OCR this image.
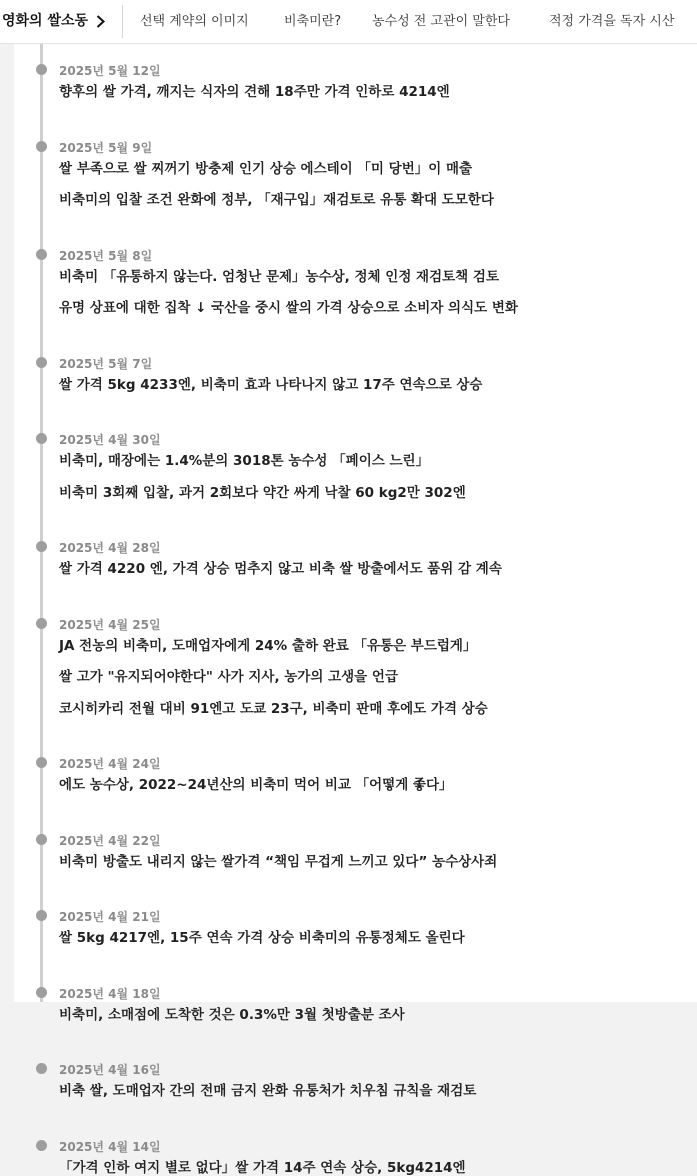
영화의 쌀소동	선택 계약의 이미지	비축미란? 농수성 전 고관이 말한다	적정 가격을 독자 시산
2025년 5월 12일
향후의 쌀 가격, 깨지는 식자의 견해 18주만 가격 인하로 4214엔
2025년 5월 9일
쌀 부족으로 쌀 찌꺼기 방충제 인기 상승 에스테이 「미 당번」이 매출
비축미의 입찰 조건 완화에 정부, 「재구입」재검토로 유통 확대 도모한다
2025년 5월 8일
비축미 「유통하지 않는다. 엄청난 문제」농수상, 정체 인정 재검토책 검토
유명 상표에 대한 집착 ↓ 국산을 중시 쌀의 가격 상승으로 소비자 의식도 변화
2025년 5월 7일
쌀 가격 5kg 4233엔, 비축미 효과 나타나지 않고 17주 연속으로 상승
2025년 4월 30일
비축미, 매장에는 1.4%분의 3018톤 농수성 「페이스 느린」
비축미 3회째 입찰, 과거 2회보다 약간 싸게 낙찰 60 kg2만 302엔
2025년 4월 28일
쌀 가격 4220 엔, 가격 상승 멈추지 않고 비축 쌀 방출에서도 품위 감 계속
2025년 4월 25일
JA 전농의 비축미, 도매업자에게 24% 출하 완료 「유통은 부드럽게」
쌀 고가 "유지되어야한다" 사가 지사, 농가의 고생을 언급
코시히카리 전월 대비 91엔고 도쿄 23구, 비축미 판매 후에도 가격 상승
2025년 4월 24일
에도 농수상, 2022~24년산의 비축미 먹어 비교 「어떻게 좋다」
2025년 4월 22일
비축미 방출도 내리지 않는 쌀가격 “책임 무겁게 느끼고 있다” 농수상사죄
2025년 4월 21일
쌀 5kg 4217엔, 15주 연속 가격 상승 비축미의 유통정체도 올린다
2025년 4월 18일
비축미, 소매점에 도착한 것은 0.3%만 3월 첫방출분 조사
2025년 4월 16일
비축 쌀, 도매업자 간의 전매 금지 완화 유통처가 치우침 규칙을 재검토
2025년 4월 14일
「가격 인하 여지 별로 없다」쌀 가격 14주 연속 상승, 5kg4214엔
